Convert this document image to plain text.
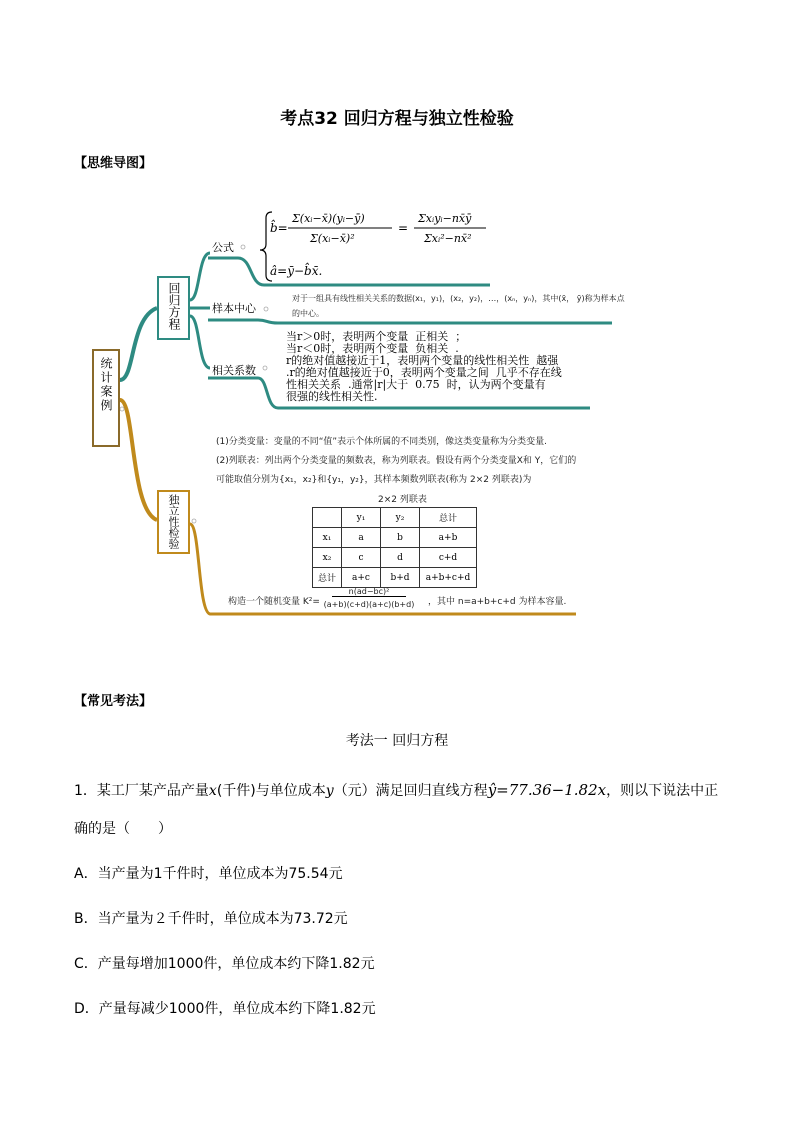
考点32 回归方程与独立性检验
【思维导图】
统计案例
回归方程
独立性检验
公式
样本中心
相关系数
b̂=
Σ(xᵢ−x̄)(yᵢ−ȳ)
Σ(xᵢ−x̄)²
=
Σxᵢyᵢ−nx̄ȳ
Σxᵢ²−nx̄²
â=ȳ−b̂x̄.
对于一组具有线性相关关系的数据(x₁，y₁)，(x₂，y₂)，…，(xₙ，yₙ)，其中(x̄， ȳ)称为样本点
的中心。
当r＞0时，表明两个变量  正相关  ；
当r＜0时，表明两个变量  负相关  .
r的绝对值越接近于1，表明两个变量的线性相关性  越强
.r的绝对值越接近于0，表明两个变量之间  几乎不存在线
性相关关系  .通常|r|大于  0.75  时，认为两个变量有
很强的线性相关性.
(1)分类变量：变量的不同“值”表示个体所属的不同类别，像这类变量称为分类变量.
(2)列联表：列出两个分类变量的频数表，称为列联表。假设有两个分类变量X和 Y，它们的
可能取值分别为{x₁，x₂}和{y₁，y₂}，其样本频数列联表(称为 2×2 列联表)为
2×2 列联表
	y₁	y₂	总计
x₁	a	b	a+b
x₂	c	d	c+d
总计	a+c	b+d	a+b+c+d
构造一个随机变量 K²=
n(ad−bc)²
(a+b)(c+d)(a+c)(b+d)	，其中 n=a+b+c+d 为样本容量.
【常见考法】
考法一 回归方程
1．某工厂某产品产量x(千件)与单位成本y（元）满足回归直线方程ŷ=77.36−1.82x，则以下说法中正
确的是（　　）
A．当产量为1千件时，单位成本为75.54元
B．当产量为２千件时，单位成本为73.72元
C．产量每增加1000件，单位成本约下降1.82元
D．产量每减少1000件，单位成本约下降1.82元
